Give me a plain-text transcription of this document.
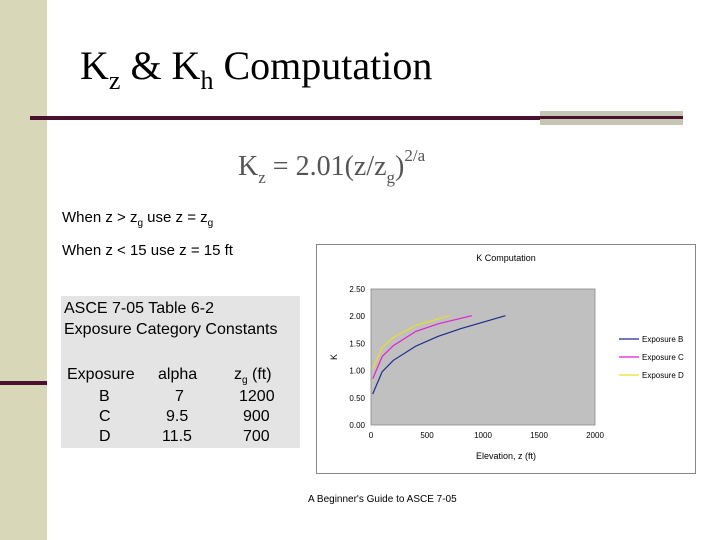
$K_z$ & $K_h$ Computation
$K_z = 2.01(z/z_g)^{2/a}$
When $z > z_g$ use $z = z_g$
When z < 15 use z = 15 ft
ASCE 7-05 Table 6-2
Exposure Category Constants
Exposure alpha $z_g$ (ft)
B	7	1200
C	9.5	900
D	11.5	700
K Computation
Elevation, z (ft)
K
0	500	1000	1500	2000
0.00
0.50
1.00
1.50
2.00
2.50
Exposure B
Exposure C
Exposure D
A Beginner's Guide to ASCE 7-05
